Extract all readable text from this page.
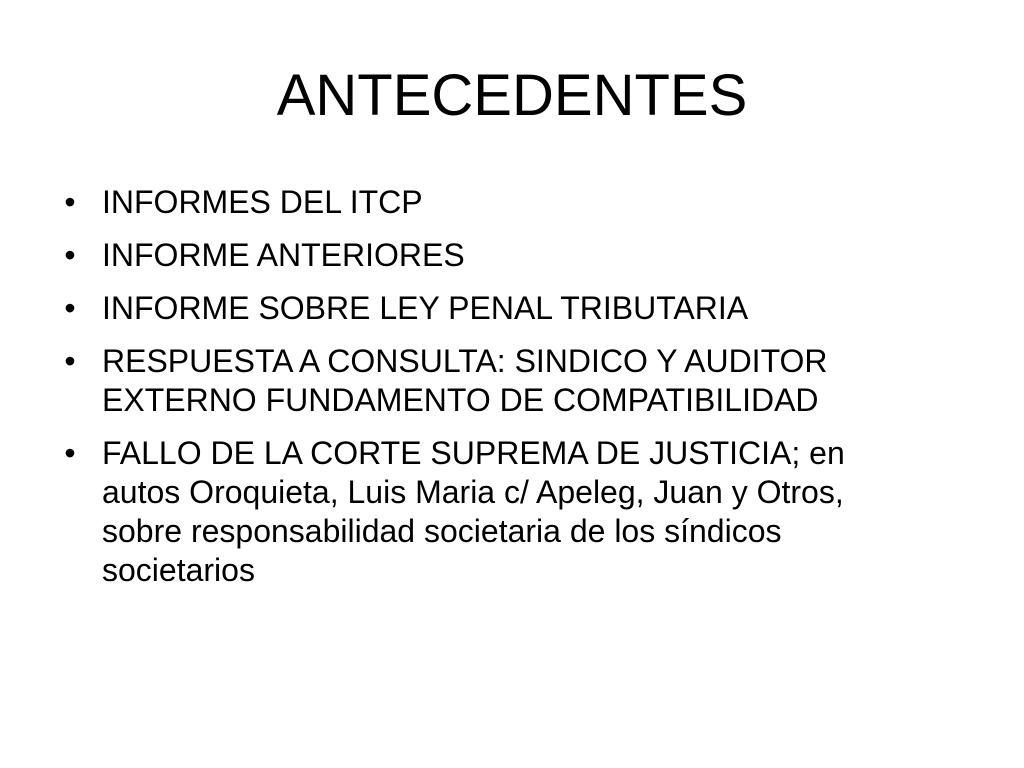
ANTECEDENTES
• INFORMES DEL ITCP
• INFORME ANTERIORES
• INFORME SOBRE LEY PENAL TRIBUTARIA
• RESPUESTA A CONSULTA: SINDICO Y AUDITOR EXTERNO FUNDAMENTO DE COMPATIBILIDAD
• FALLO DE LA CORTE SUPREMA DE JUSTICIA; en autos Oroquieta, Luis Maria c/ Apeleg, Juan y Otros, sobre responsabilidad societaria de los síndicos societarios
